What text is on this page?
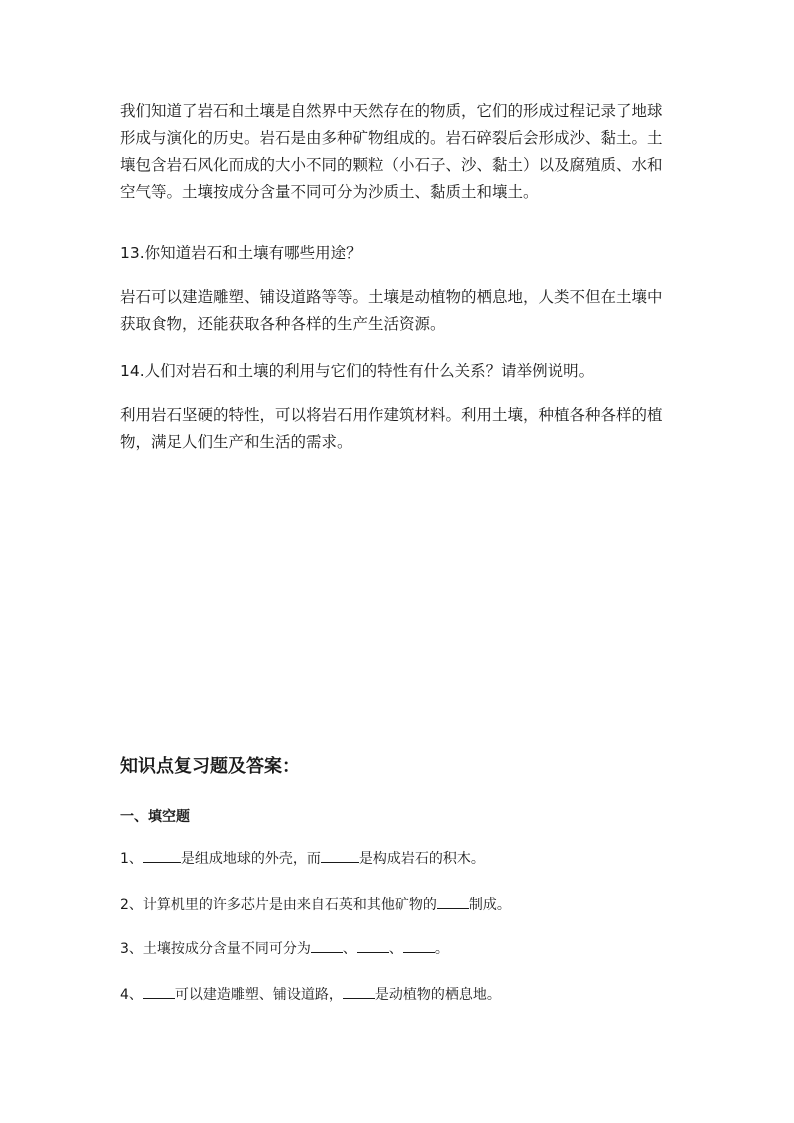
我们知道了岩石和土壤是自然界中天然存在的物质，它们的形成过程记录了地球
形成与演化的历史。岩石是由多种矿物组成的。岩石碎裂后会形成沙、黏土。土
壤包含岩石风化而成的大小不同的颗粒（小石子、沙、黏土）以及腐殖质、水和
空气等。土壤按成分含量不同可分为沙质土、黏质土和壤土。

13.你知道岩石和土壤有哪些用途？

岩石可以建造雕塑、铺设道路等等。土壤是动植物的栖息地，人类不但在土壤中
获取食物，还能获取各种各样的生产生活资源。

14.人们对岩石和土壤的利用与它们的特性有什么关系？请举例说明。

利用岩石坚硬的特性，可以将岩石用作建筑材料。利用土壤，种植各种各样的植
物，满足人们生产和生活的需求。

知识点复习题及答案：
一、填空题

1、	是组成地球的外壳，而	是构成岩石的积木。

2、计算机里的许多芯片是由来自石英和其他矿物的 制成。

3、土壤按成分含量不同可分为 、 、 。

4、 可以建造雕塑、铺设道路， 是动植物的栖息地。
